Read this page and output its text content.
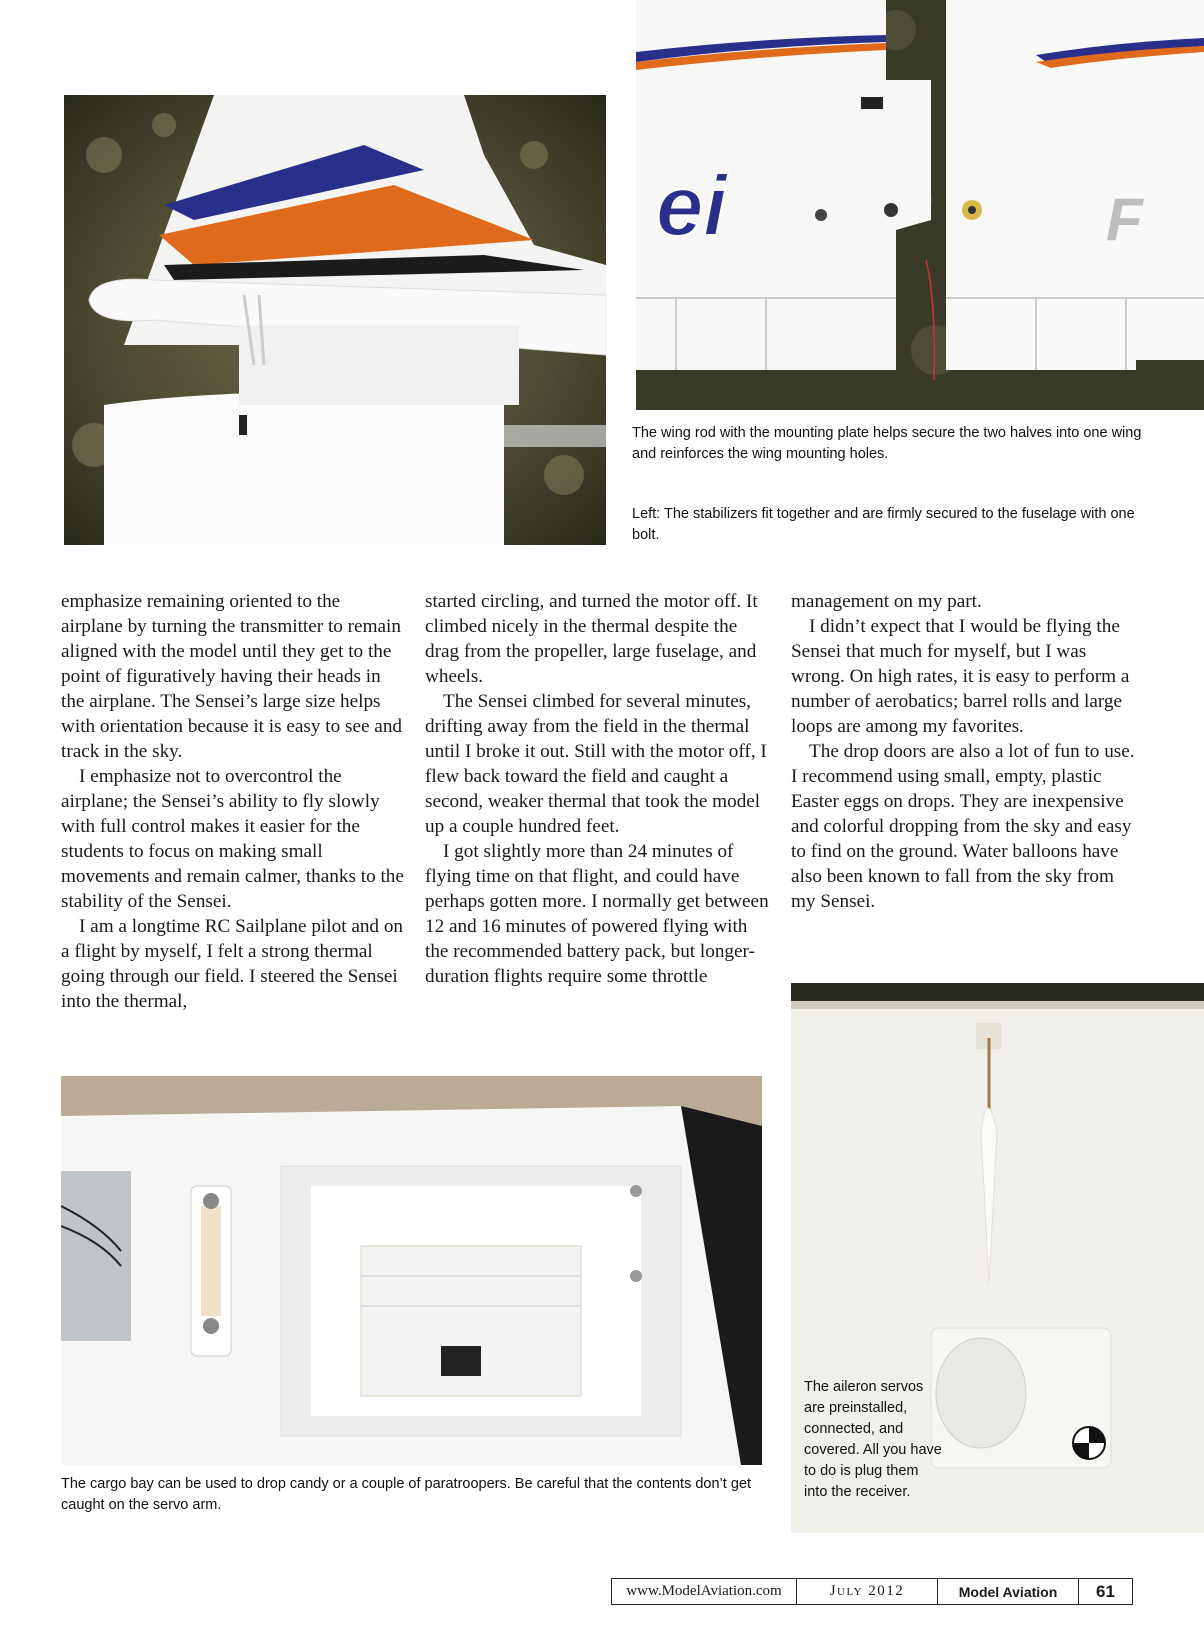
ei	F
The wing rod with the mounting plate helps secure the two halves into one wing and reinforces the wing mounting holes.
Left: The stabilizers fit together and are firmly secured to the fuselage with one bolt.

emphasize remaining oriented to the airplane by turning the transmitter to remain aligned with the model until they get to the point of figuratively having their heads in the airplane. The Sensei’s large size helps with orientation because it is easy to see and track in the sky.

I emphasize not to overcontrol the airplane; the Sensei’s ability to fly slowly with full control makes it easier for the students to focus on making small movements and remain calmer, thanks to the stability of the Sensei.

I am a longtime RC Sailplane pilot and on a flight by myself, I felt a strong thermal going through our field. I steered the Sensei into the thermal,

started circling, and turned the motor off. It climbed nicely in the thermal despite the drag from the propeller, large fuselage, and wheels.

The Sensei climbed for several minutes, drifting away from the field in the thermal until I broke it out. Still with the motor off, I flew back toward the field and caught a second, weaker thermal that took the model up a couple hundred feet.

I got slightly more than 24 minutes of flying time on that flight, and could have perhaps gotten more. I normally get between 12 and 16 minutes of powered flying with the recommended battery pack, but longer-duration flights require some throttle

management on my part.

I didn’t expect that I would be flying the Sensei that much for myself, but I was wrong. On high rates, it is easy to perform a number of aerobatics; barrel rolls and large loops are among my favorites.

The drop doors are also a lot of fun to use. I recommend using small, empty, plastic Easter eggs on drops. They are inexpensive and colorful dropping from the sky and easy to find on the ground. Water balloons have also been known to fall from the sky from my Sensei.

The cargo bay can be used to drop candy or a couple of paratroopers. Be careful that the contents don’t get caught on the servo arm.
The aileron servos are preinstalled, connected, and covered. All you have to do is plug them into the receiver.
www.ModelAviation.com	July 2012	Model Aviation	61
